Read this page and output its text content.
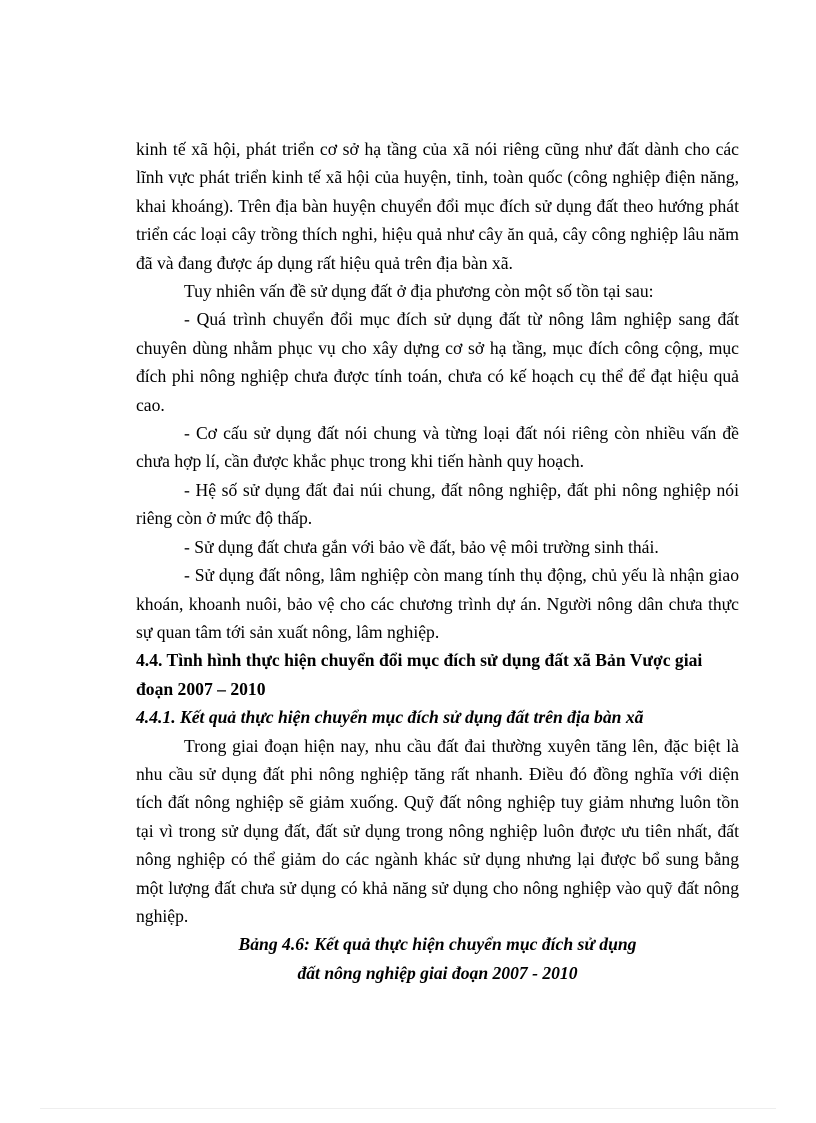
kinh tế xã hội, phát triển cơ sở hạ tầng của xã nói riêng cũng như đất dành cho các lĩnh vực phát triển kinh tế xã hội của huyện, tỉnh, toàn quốc (công nghiệp điện năng, khai khoáng). Trên địa bàn huyện chuyển đổi mục đích sử dụng đất theo hướng phát triển các loại cây trồng thích nghi, hiệu quả như cây ăn quả, cây công nghiệp lâu năm đã và đang được áp dụng rất hiệu quả trên địa bàn xã.

Tuy nhiên vấn đề sử dụng đất ở địa phương còn một số tồn tại sau:

- Quá trình chuyển đổi mục đích sử dụng đất từ nông lâm nghiệp sang đất chuyên dùng nhằm phục vụ cho xây dựng cơ sở hạ tầng, mục đích công cộng, mục đích phi nông nghiệp chưa được tính toán, chưa có kế hoạch cụ thể để đạt hiệu quả cao.

- Cơ cấu sử dụng đất nói chung và từng loại đất nói riêng còn nhiều vấn đề chưa hợp lí, cần được khắc phục trong khi tiến hành quy hoạch.

- Hệ số sử dụng đất đai núi chung, đất nông nghiệp, đất phi nông nghiệp nói riêng còn ở mức độ thấp.

- Sử dụng đất chưa gắn với bảo về đất, bảo vệ môi trường sinh thái.

- Sử dụng đất nông, lâm nghiệp còn mang tính thụ động, chủ yếu là nhận giao khoán, khoanh nuôi, bảo vệ cho các chương trình dự án. Người nông dân chưa thực sự quan tâm tới sản xuất nông, lâm nghiệp.

4.4. Tình hình thực hiện chuyển đổi mục đích sử dụng đất xã Bản Vược giai đoạn 2007 – 2010

4.4.1. Kết quả thực hiện chuyển mục đích sử dụng đất trên địa bàn xã

Trong giai đoạn hiện nay, nhu cầu đất đai thường xuyên tăng lên, đặc biệt là nhu cầu sử dụng đất phi nông nghiệp tăng rất nhanh. Điều đó đồng nghĩa với diện tích đất nông nghiệp sẽ giảm xuống. Quỹ đất nông nghiệp tuy giảm nhưng luôn tồn tại vì trong sử dụng đất, đất sử dụng trong nông nghiệp luôn được ưu tiên nhất, đất nông nghiệp có thể giảm do các ngành khác sử dụng nhưng lại được bổ sung bằng một lượng đất chưa sử dụng có khả năng sử dụng cho nông nghiệp vào quỹ đất nông nghiệp.

Bảng 4.6: Kết quả thực hiện chuyển mục đích sử dụng
đất nông nghiệp giai đoạn 2007 - 2010
